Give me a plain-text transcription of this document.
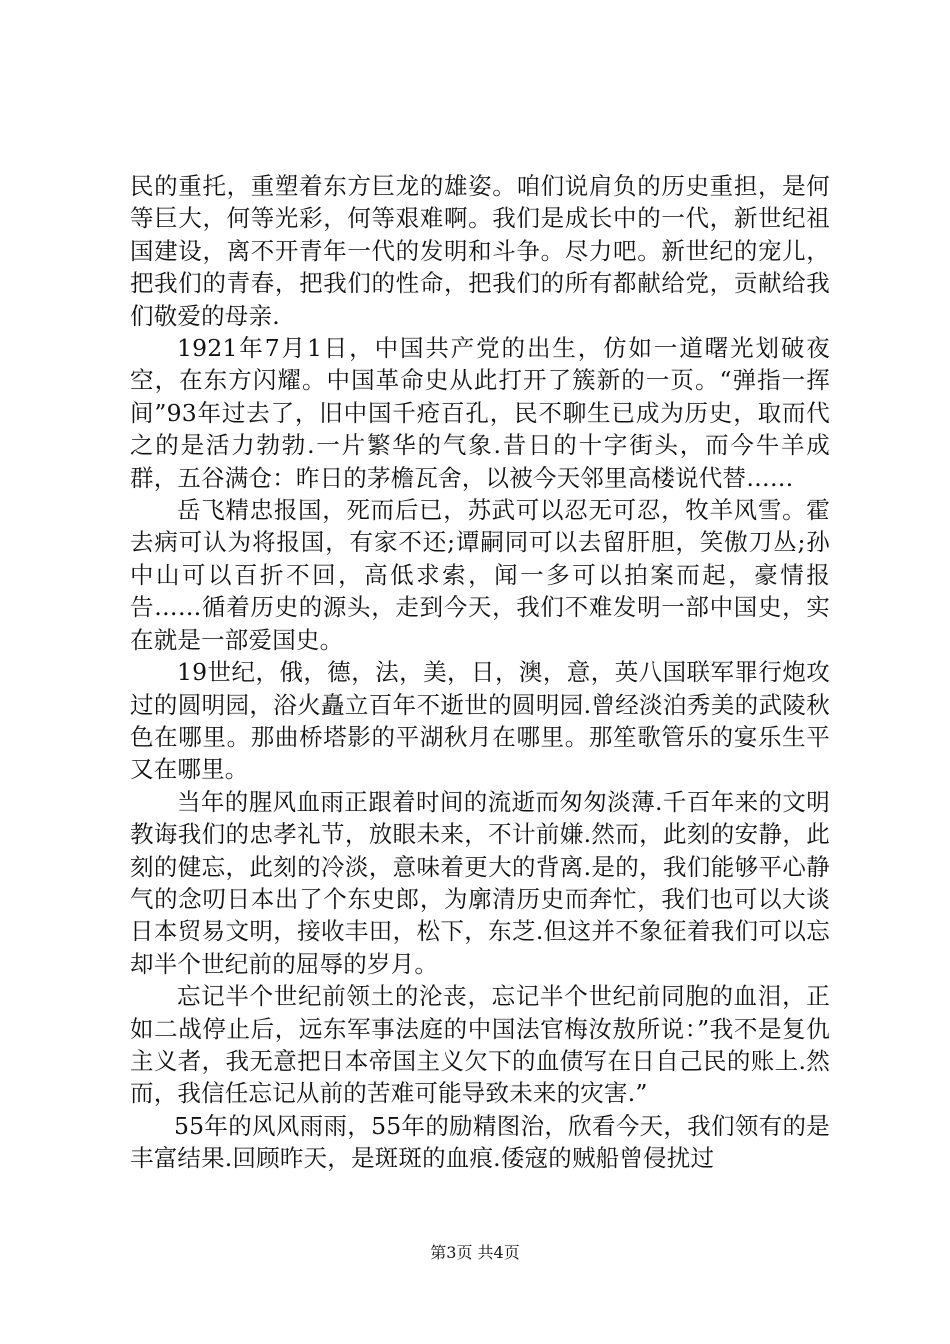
民的重托，重塑着东方巨龙的雄姿。咱们说肩负的历史重担，是何等巨大，何等光彩，何等艰难啊。我们是成长中的一代，新世纪祖国建设，离不开青年一代的发明和斗争。尽力吧。新世纪的宠儿，把我们的青春，把我们的性命，把我们的所有都献给党，贡献给我们敬爱的母亲.

1921年7月1日，中国共产党的出生，仿如一道曙光划破夜空，在东方闪耀。中国革命史从此打开了簇新的一页。“弹指一挥间”93年过去了，旧中国千疮百孔，民不聊生已成为历史，取而代之的是活力勃勃.一片繁华的气象.昔日的十字街头，而今牛羊成群，五谷满仓：昨日的茅檐瓦舍，以被今天邻里高楼说代替……

岳飞精忠报国，死而后已，苏武可以忍无可忍，牧羊风雪。霍去病可认为将报国，有家不还;谭嗣同可以去留肝胆，笑傲刀丛;孙中山可以百折不回，高低求索，闻一多可以拍案而起，豪情报告……循着历史的源头，走到今天，我们不难发明一部中国史，实在就是一部爱国史。

19世纪，俄，德，法，美，日，澳，意，英八国联军罪行炮攻过的圆明园，浴火矗立百年不逝世的圆明园.曾经淡泊秀美的武陵秋色在哪里。那曲桥塔影的平湖秋月在哪里。那笙歌管乐的宴乐生平又在哪里。

当年的腥风血雨正跟着时间的流逝而匆匆淡薄.千百年来的文明教诲我们的忠孝礼节，放眼未来，不计前嫌.然而，此刻的安静，此刻的健忘，此刻的冷淡，意味着更大的背离.是的，我们能够平心静气的念叨日本出了个东史郎，为廓清历史而奔忙，我们也可以大谈日本贸易文明，接收丰田，松下，东芝.但这并不象征着我们可以忘却半个世纪前的屈辱的岁月。

忘记半个世纪前领土的沦丧，忘记半个世纪前同胞的血泪，正如二战停止后，远东军事法庭的中国法官梅汝敖所说：”我不是复仇主义者，我无意把日本帝国主义欠下的血债写在日自己民的账上.然而，我信任忘记从前的苦难可能导致未来的灾害.”

55年的风风雨雨，55年的励精图治，欣看今天，我们领有的是丰富结果.回顾昨天，是斑斑的血痕.倭寇的贼船曾侵扰过

第3页 共4页
